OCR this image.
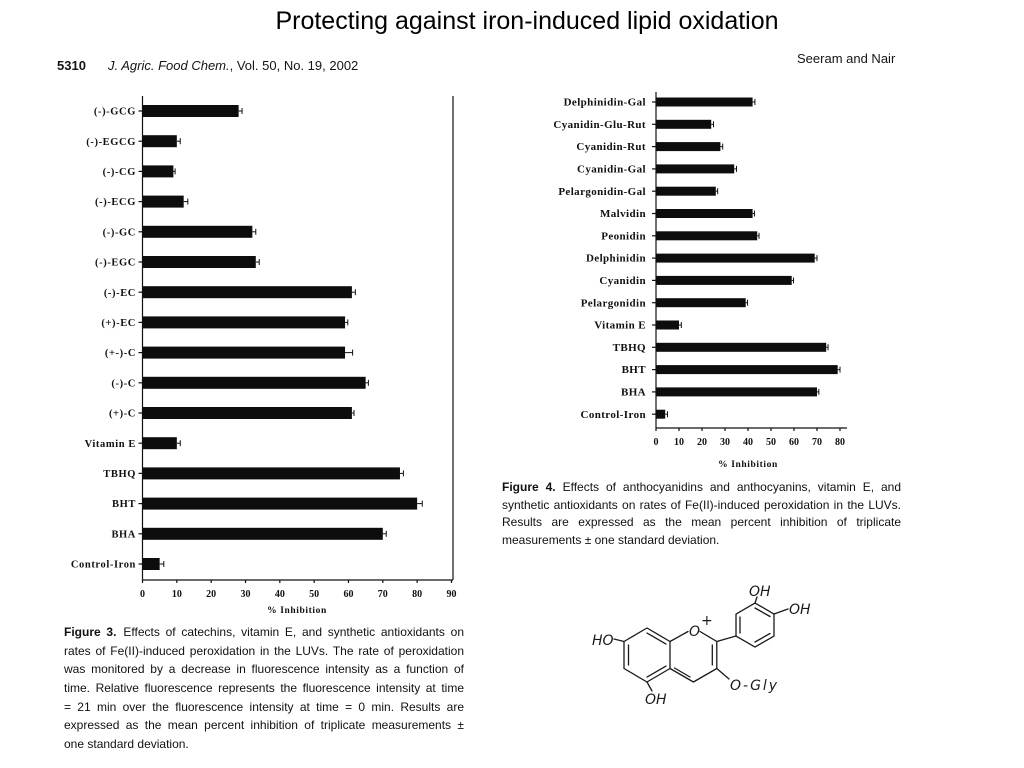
0	10 20 30 40 50 60 70 80 90
% Inhibition
(-)-GCG
(-)-EGCG
(-)-CG
(-)-ECG
(-)-GC
(-)-EGC
(-)-EC
(+)-EC
(+-)-C
(-)-C
(+)-C
Vitamin E
TBHQ
BHT
BHA
Control-Iron
0 10 20 30 40 50 60 70 80
% Inhibition
Delphinidin-Gal
Cyanidin-Glu-Rut
Cyanidin-Rut
Cyanidin-Gal
Pelargonidin-Gal
Malvidin
Peonidin
Delphinidin
Cyanidin
Pelargonidin
Vitamin E
TBHQ
BHT
BHA
Control-Iron
HO
O
+
OH
OH
O-Gly
OH
Protecting against iron-induced lipid oxidation
5310 J. Agric. Food Chem., Vol. 50, No. 19, 2002	Seeram and Nair
Figure 3. Effects of catechins, vitamin E, and synthetic antioxidants on
rates of Fe(II)-induced peroxidation in the LUVs. The rate of peroxidation
was monitored by a decrease in fluorescence intensity as a function of
time. Relative fluorescence represents the fluorescence intensity at time
= 21 min over the fluorescence intensity at time = 0 min. Results are
expressed as the mean percent inhibition of triplicate measurements ±
one standard deviation.
Figure 4. Effects of anthocyanidins and anthocyanins, vitamin E, and
synthetic antioxidants on rates of Fe(II)-induced peroxidation in the LUVs.
Results are expressed as the mean percent inhibition of triplicate
measurements ± one standard deviation.
